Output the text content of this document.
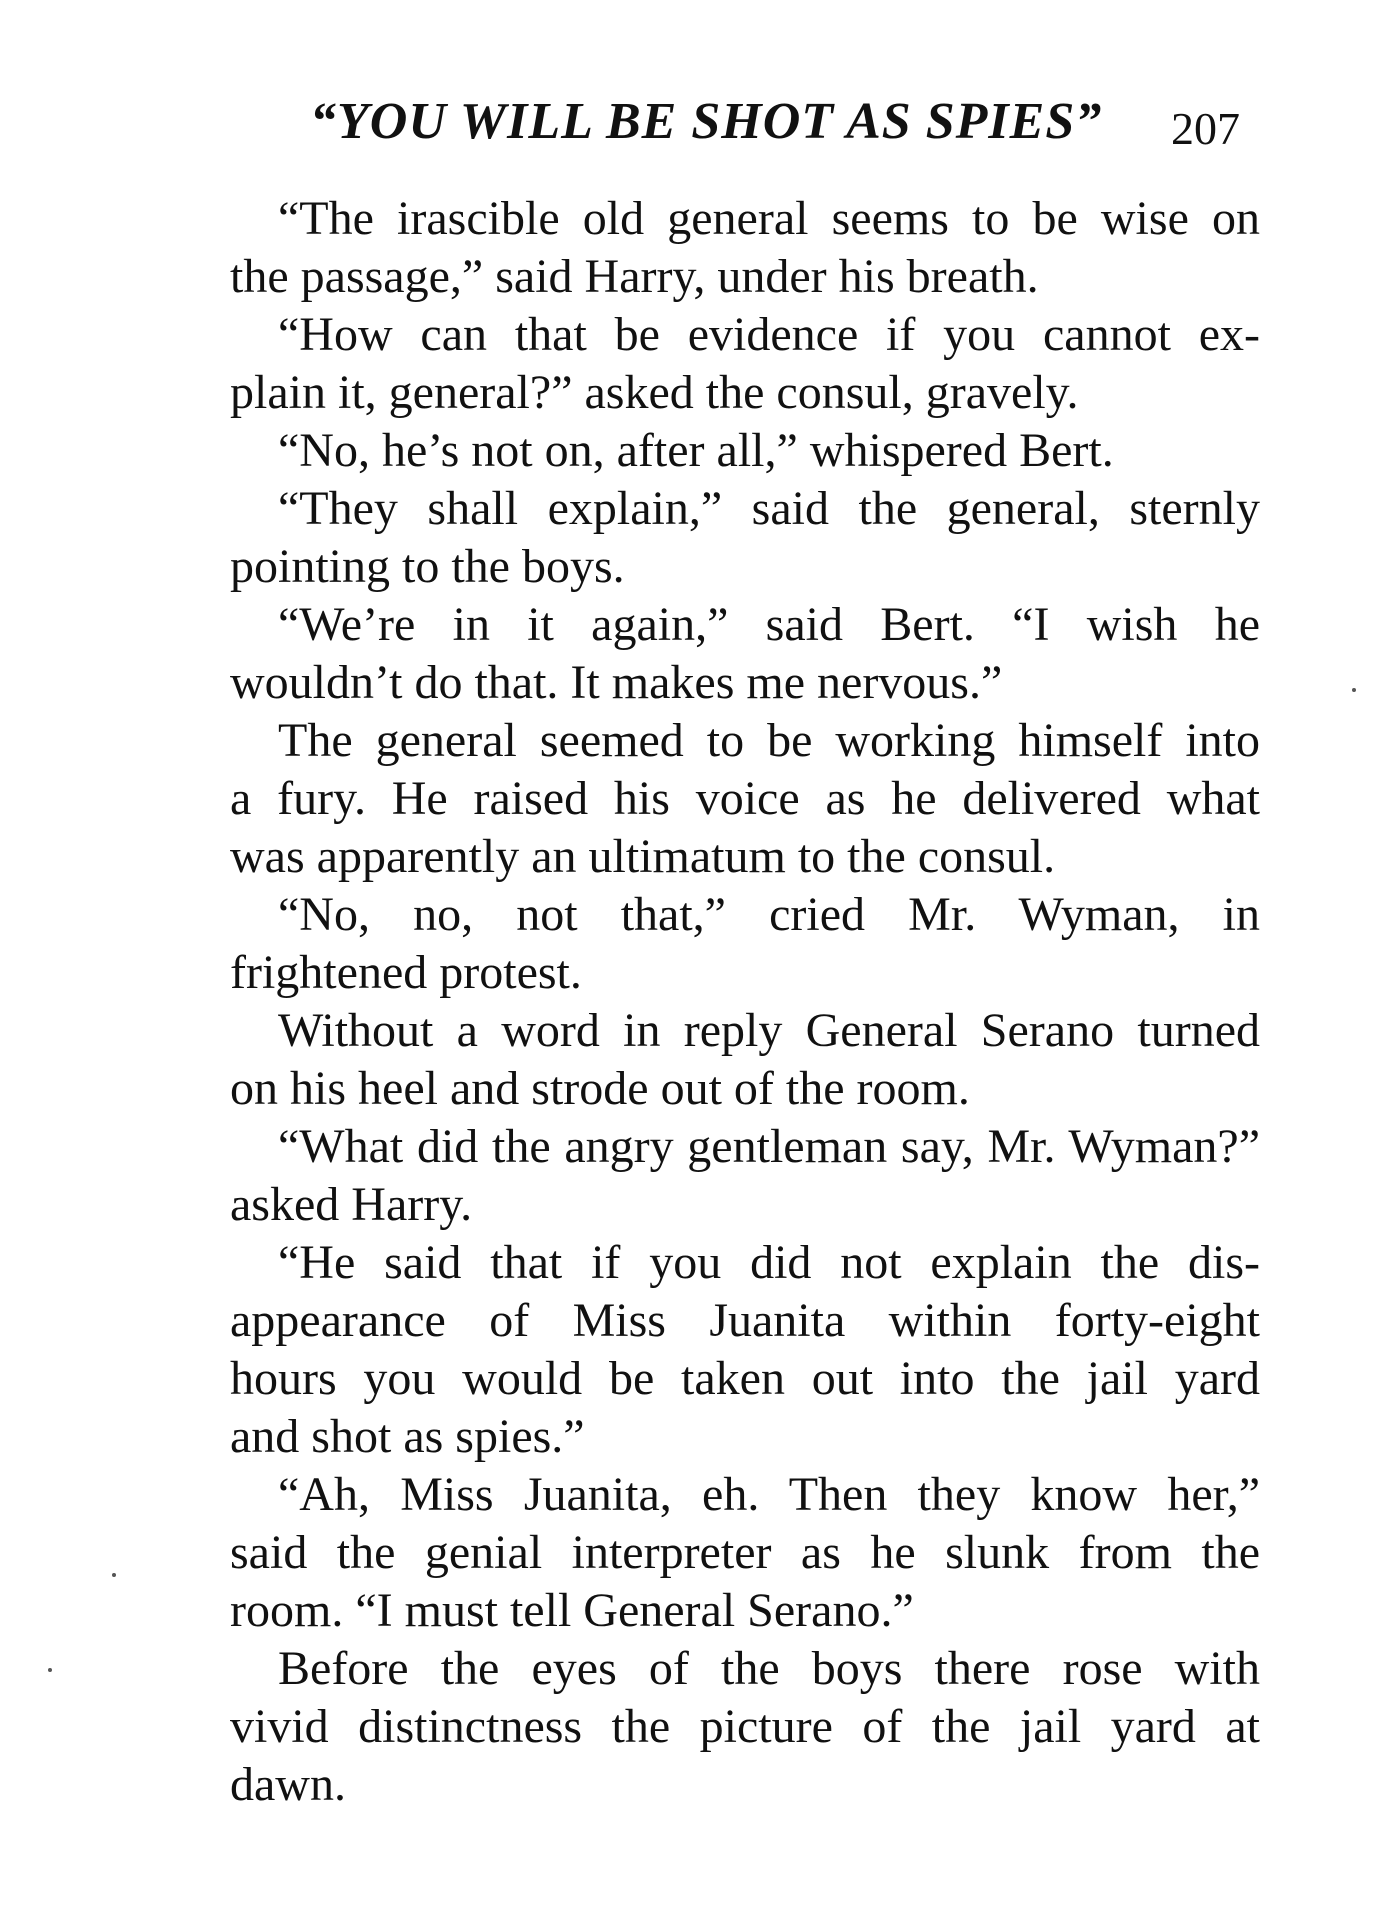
“YOU WILL BE SHOT AS SPIES” 207
“The irascible old general seems to be wise on
the passage,” said Harry, under his breath.
“How can that be evidence if you cannot ex-
plain it, general?” asked the consul, gravely.
“No, he’s not on, after all,” whispered Bert.
“They shall explain,” said the general, sternly
pointing to the boys.
“We’re in it again,” said Bert. “I wish he
wouldn’t do that. It makes me nervous.”
The general seemed to be working himself into
a fury. He raised his voice as he delivered what
was apparently an ultimatum to the consul.
“No, no, not that,” cried Mr. Wyman, in
frightened protest.
Without a word in reply General Serano turned
on his heel and strode out of the room.
“What did the angry gentleman say, Mr. Wyman?”
asked Harry.
“He said that if you did not explain the dis-
appearance of Miss Juanita within forty-eight
hours you would be taken out into the jail yard
and shot as spies.”
“Ah, Miss Juanita, eh. Then they know her,”
said the genial interpreter as he slunk from the
room. “I must tell General Serano.”
Before the eyes of the boys there rose with
vivid distinctness the picture of the jail yard at
dawn.
